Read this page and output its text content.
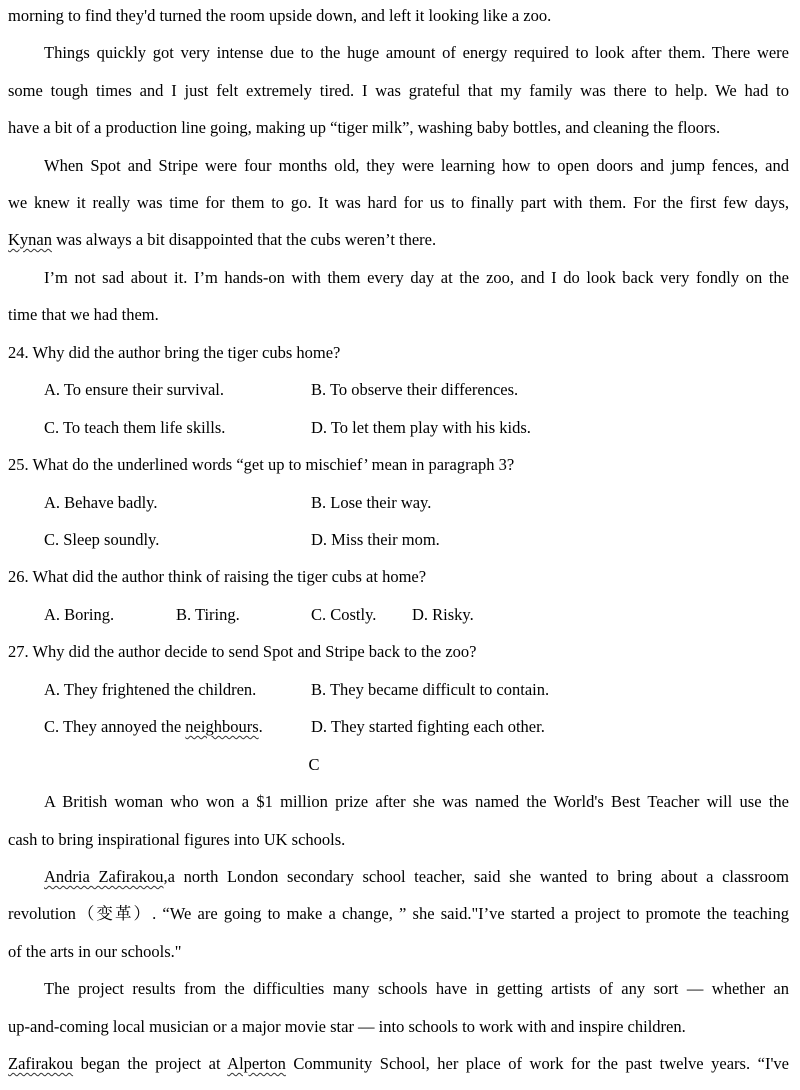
morning to find they'd turned the room upside down, and left it looking like a zoo.
Things quickly got very intense due to the huge amount of energy required to look after them. There were
some tough times and I just felt extremely tired. I was grateful that my family was there to help. We had to
have a bit of a production line going, making up “tiger milk”, washing baby bottles, and cleaning the floors.
When Spot and Stripe were four months old, they were learning how to open doors and jump fences, and
we knew it really was time for them to go. It was hard for us to finally part with them. For the first few days,
Kynan was always a bit disappointed that the cubs weren’t there.
I’m not sad about it. I’m hands-on with them every day at the zoo, and I do look back very fondly on the
time that we had them.
24. Why did the author bring the tiger cubs home?
A. To ensure their survival.	B. To observe their differences.
C. To teach them life skills.	D. To let them play with his kids.
25. What do the underlined words “get up to mischief’ mean in paragraph 3?
A. Behave badly.	B. Lose their way.
C. Sleep soundly.	D. Miss their mom.
26. What did the author think of raising the tiger cubs at home?
A. Boring.	B. Tiring.	C. Costly. D. Risky.
27. Why did the author decide to send Spot and Stripe back to the zoo?
A. They frightened the children.	B. They became difficult to contain.
C. They annoyed the neighbours.	D. They started fighting each other.
C
A British woman who won a $1 million prize after she was named the World's Best Teacher will use the
cash to bring inspirational figures into UK schools.
Andria Zafirakou,a north London secondary school teacher, said she wanted to bring about a classroom
revolution（变革）. “We are going to make a change, ” she said."I’ve started a project to promote the teaching
of the arts in our schools."
The project results from the difficulties many schools have in getting artists of any sort — whether an
up-and-coming local musician or a major movie star — into schools to work with and inspire children.
Zafirakou began the project at Alperton Community School, her place of work for the past twelve years. “I've
